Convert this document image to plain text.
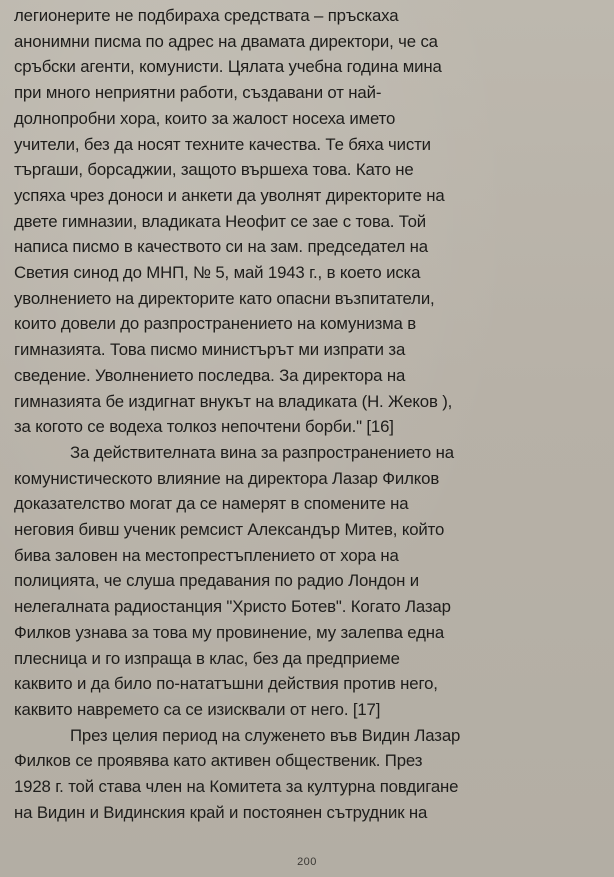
легионерите не подбираха средствата – пръскаха
анонимни писма по адрес на двамата директори, че са
сръбски агенти, комунисти. Цялата учебна година мина
при много неприятни работи, създавани от най-
долнопробни хора, които за жалост носеха името
учители, без да носят техните качества. Те бяха чисти
търгаши, борсаджии, защото вършеха това. Като не
успяха чрез доноси и анкети да уволнят директорите на
двете гимназии, владиката Неофит се зае с това. Той
написа писмо в качеството си на зам. председател на
Светия синод до МНП, № 5, май 1943 г., в което иска
уволнението на директорите като опасни възпитатели,
които довели до разпространението на комунизма в
гимназията. Това писмо министърът ми изпрати за
сведение. Уволнението последва. За директора на
гимназията бе издигнат внукът на владиката (Н. Жеков ),
за когото се водеха толкоз непочтени борби." [16]

За действителната вина за разпространението на
комунистическото влияние на директора Лазар Филков
доказателство могат да се намерят в спомените на
неговия бивш ученик ремсист Александър Митев, който
бива заловен на местопрестъплението от хора на
полицията, че слуша предавания по радио Лондон и
нелегалната радиостанция "Христо Ботев". Когато Лазар
Филков узнава за това му провинение, му залепва една
плесница и го изпраща в клас, без да предприеме
каквито и да било по-нататъшни действия против него,
каквито навремето са се изисквали от него. [17]

През целия период на служенето във Видин Лазар
Филков се проявява като активен общественик. През
1928 г. той става член на Комитета за културна повдигане
на Видин и Видинския край и постоянен сътрудник на

200
